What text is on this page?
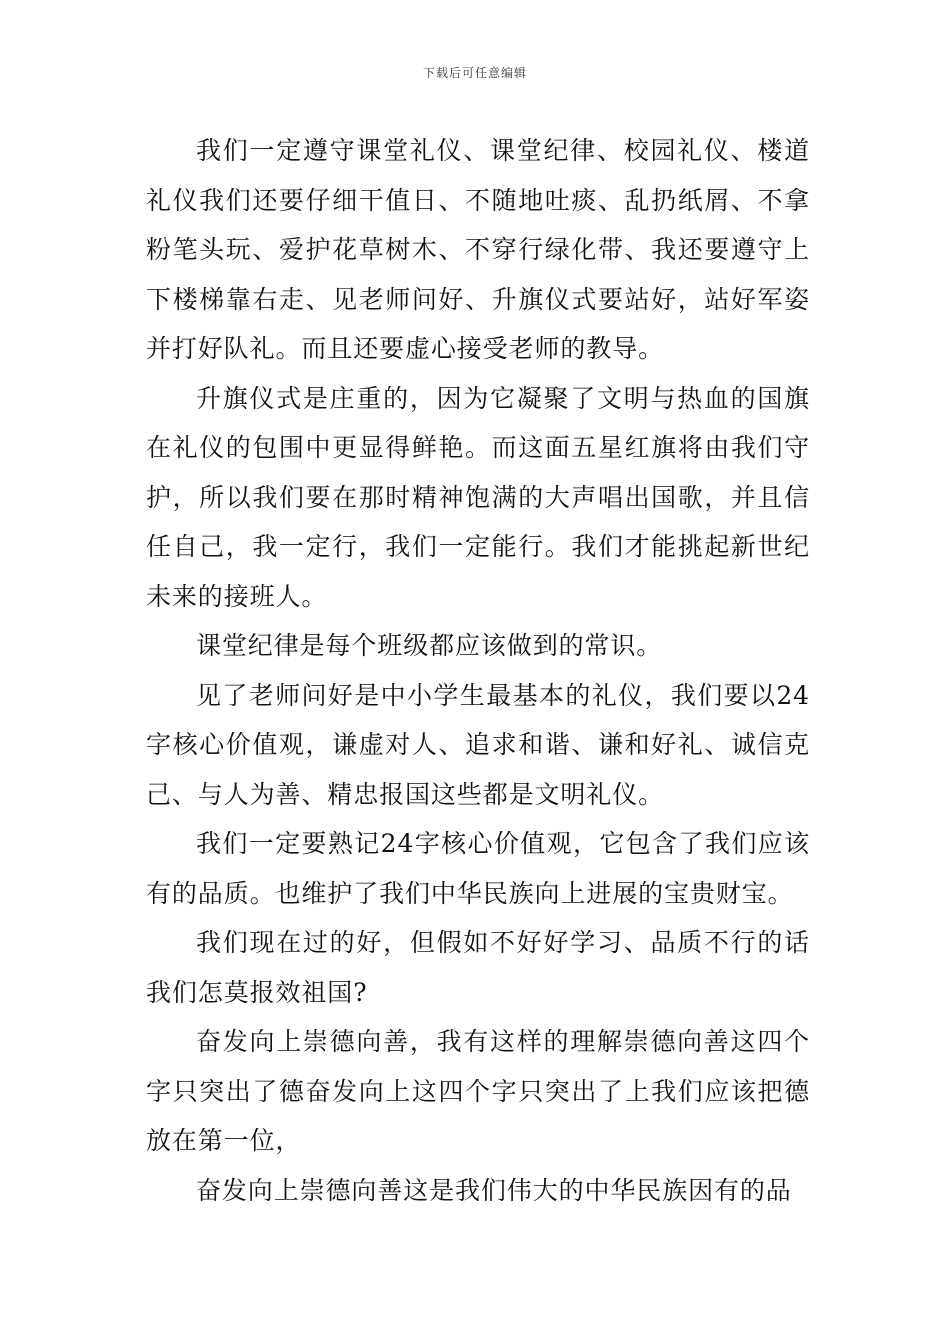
下载后可任意编辑

我们一定遵守课堂礼仪、课堂纪律、校园礼仪、楼道礼仪我们还要仔细干值日、不随地吐痰、乱扔纸屑、不拿粉笔头玩、爱护花草树木、不穿行绿化带、我还要遵守上下楼梯靠右走、见老师问好、升旗仪式要站好，站好军姿并打好队礼。而且还要虚心接受老师的教导。

升旗仪式是庄重的，因为它凝聚了文明与热血的国旗在礼仪的包围中更显得鲜艳。而这面五星红旗将由我们守护，所以我们要在那时精神饱满的大声唱出国歌，并且信任自己，我一定行，我们一定能行。我们才能挑起新世纪未来的接班人。

课堂纪律是每个班级都应该做到的常识。

见了老师问好是中小学生最基本的礼仪，我们要以24字核心价值观，谦虚对人、追求和谐、谦和好礼、诚信克己、与人为善、精忠报国这些都是文明礼仪。

我们一定要熟记24字核心价值观，它包含了我们应该有的品质。也维护了我们中华民族向上进展的宝贵财宝。

我们现在过的好，但假如不好好学习、品质不行的话我们怎莫报效祖国?

奋发向上崇德向善，我有这样的理解崇德向善这四个字只突出了德奋发向上这四个字只突出了上我们应该把德放在第一位，

奋发向上崇德向善这是我们伟大的中华民族因有的品
